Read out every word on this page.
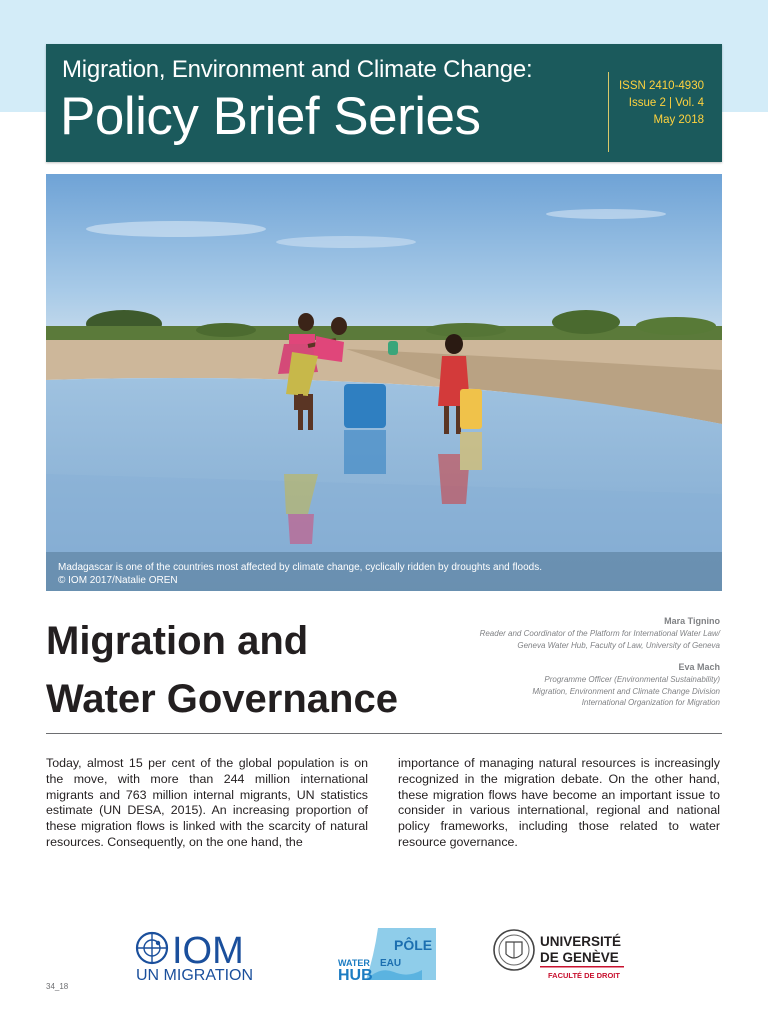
Migration, Environment and Climate Change:
Policy Brief Series
ISSN 2410-4930
Issue 2 | Vol. 4
May 2018
Madagascar is one of the countries most affected by climate change, cyclically ridden by droughts and floods.
© IOM 2017/Natalie OREN
Migration and
Water Governance
Mara Tignino
Reader and Coordinator of the Platform for International Water Law/
Geneva Water Hub, Faculty of Law, University of Geneva
Eva Mach
Programme Officer (Environmental Sustainability)
Migration, Environment and Climate Change Division
International Organization for Migration
Today, almost 15 per cent of the global population is on the move, with more than 244 million international migrants and 763 million internal migrants, UN statistics estimate (UN DESA, 2015). An increasing proportion of these migration flows is linked with the scarcity of natural resources. Consequently, on the one hand, the
importance of managing natural resources is increasingly recognized in the migration debate. On the other hand, these migration flows have become an important issue to consider in various international, regional and national policy frameworks, including those related to water resource governance.
IOM
UN MIGRATION
WATER
HUB
PÔLE
EAU
UNIVERSITÉ
DE GENÈVE
FACULTÉ DE DROIT
34_18
